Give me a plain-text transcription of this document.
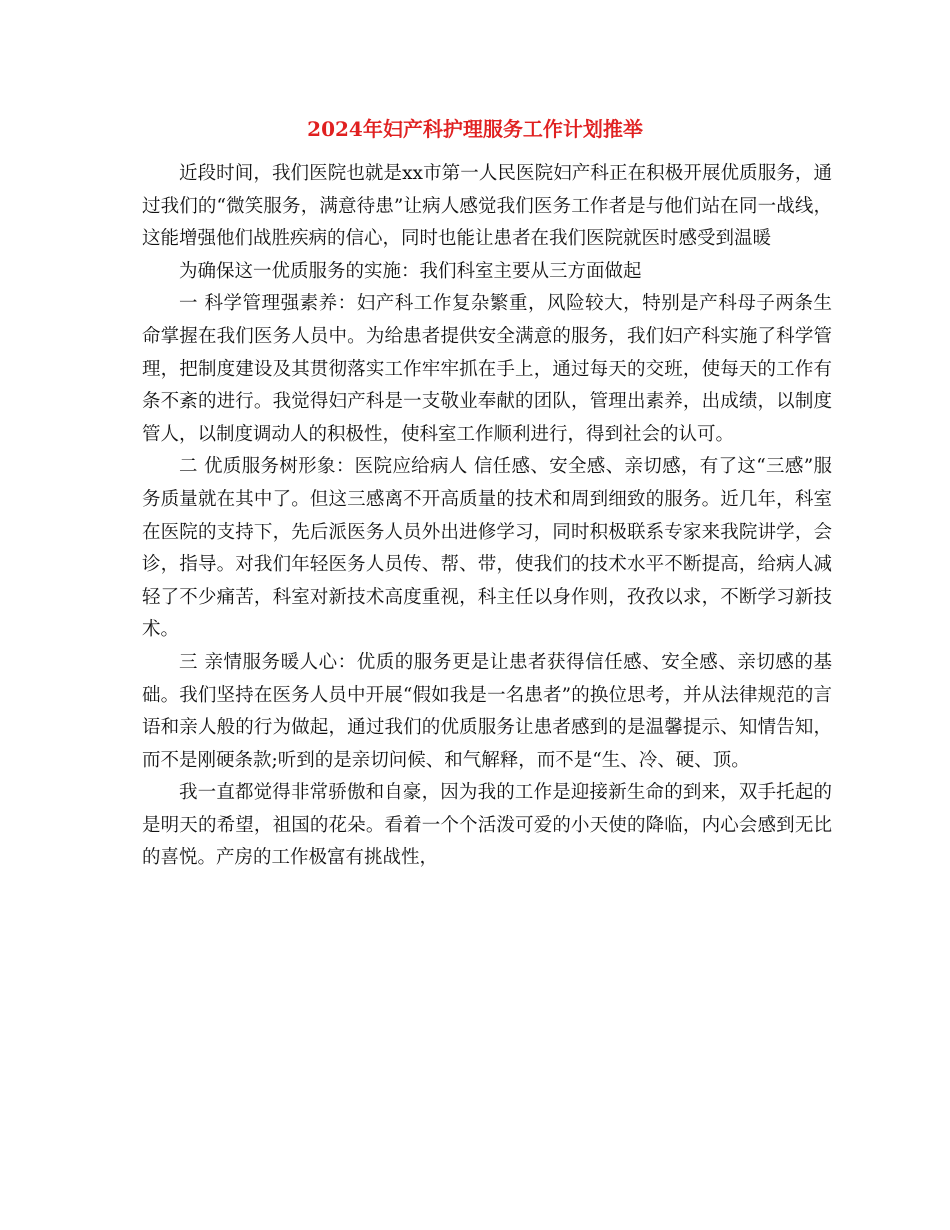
2024年妇产科护理服务工作计划推举

近段时间，我们医院也就是xx市第一人民医院妇产科正在积极开展优质服务，通过我们的“微笑服务，满意待患”让病人感觉我们医务工作者是与他们站在同一战线，这能增强他们战胜疾病的信心，同时也能让患者在我们医院就医时感受到温暖

为确保这一优质服务的实施：我们科室主要从三方面做起

一 科学管理强素养：妇产科工作复杂繁重，风险较大，特别是产科母子两条生命掌握在我们医务人员中。为给患者提供安全满意的服务，我们妇产科实施了科学管理，把制度建设及其贯彻落实工作牢牢抓在手上，通过每天的交班，使每天的工作有条不紊的进行。我觉得妇产科是一支敬业奉献的团队，管理出素养，出成绩，以制度管人，以制度调动人的积极性，使科室工作顺利进行，得到社会的认可。

二 优质服务树形象：医院应给病人 信任感、安全感、亲切感，有了这“三感”服务质量就在其中了。但这三感离不开高质量的技术和周到细致的服务。近几年，科室在医院的支持下，先后派医务人员外出进修学习，同时积极联系专家来我院讲学，会诊，指导。对我们年轻医务人员传、帮、带，使我们的技术水平不断提高，给病人减轻了不少痛苦，科室对新技术高度重视，科主任以身作则，孜孜以求，不断学习新技术。

三 亲情服务暖人心：优质的服务更是让患者获得信任感、安全感、亲切感的基础。我们坚持在医务人员中开展“假如我是一名患者”的换位思考，并从法律规范的言语和亲人般的行为做起，通过我们的优质服务让患者感到的是温馨提示、知情告知，而不是刚硬条款;听到的是亲切问候、和气解释，而不是“生、冷、硬、顶。

我一直都觉得非常骄傲和自豪，因为我的工作是迎接新生命的到来，双手托起的是明天的希望，祖国的花朵。看着一个个活泼可爱的小天使的降临，内心会感到无比的喜悦。产房的工作极富有挑战性，
